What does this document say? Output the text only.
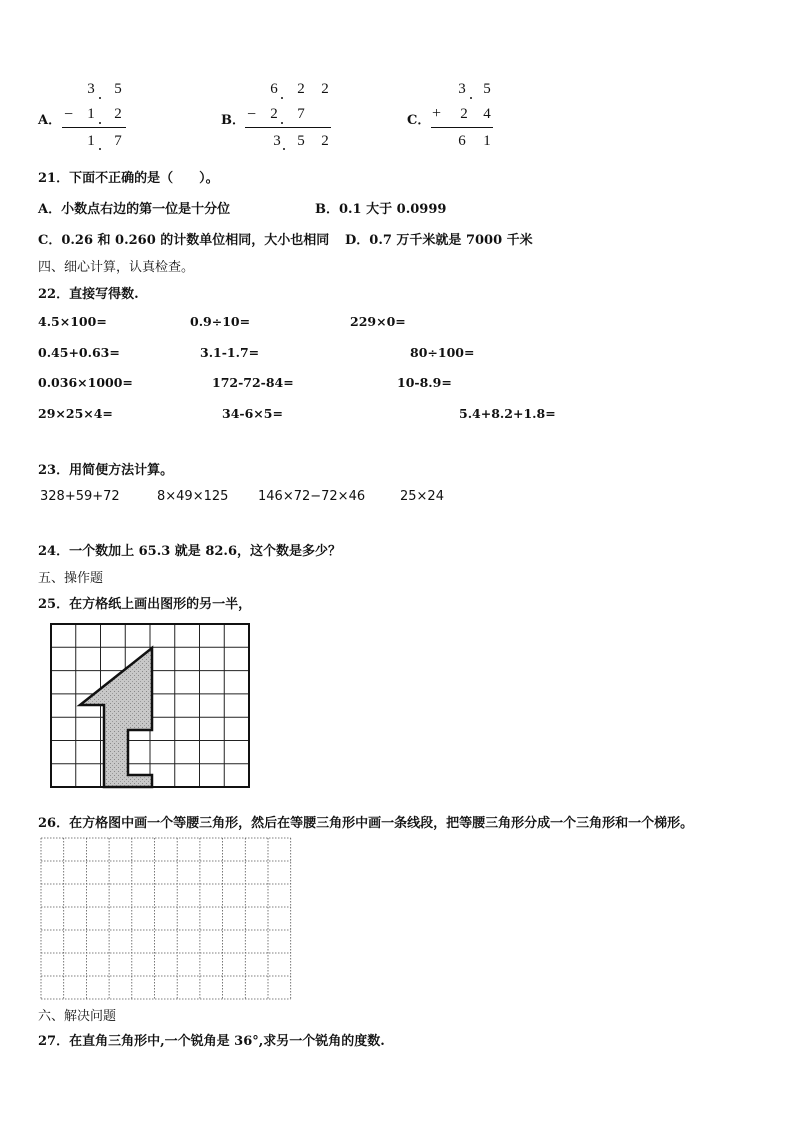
A．
3 5
− 1 2
1 7
B．
6 2 2
− 2 7
3 5 2
C．
3 5
+ 2 4
6 1
21．下面不正确的是（　　）。
A．小数点右边的第一位是十分位	B．0.1 大于 0.0999
C．0.26 和 0.260 的计数单位相同，大小也相同 D．0.7 万千米就是 7000 千米
四、细心计算，认真检查。
22．直接写得数.
4.5×100=	0.9÷10=	229×0=
0.45+0.63=	3.1-1.7=	80÷100=
0.036×1000=	172-72-84=	10-8.9=
29×25×4=	34-6×5=	5.4+8.2+1.8=
23．用简便方法计算。
328+59+72	8×49×125 146×72−72×46	25×24
24．一个数加上 65.3 就是 82.6，这个数是多少？
五、操作题
25．在方格纸上画出图形的另一半，
26．在方格图中画一个等腰三角形，然后在等腰三角形中画一条线段，把等腰三角形分成一个三角形和一个梯形。
六、解决问题
27．在直角三角形中,一个锐角是 36°,求另一个锐角的度数.
